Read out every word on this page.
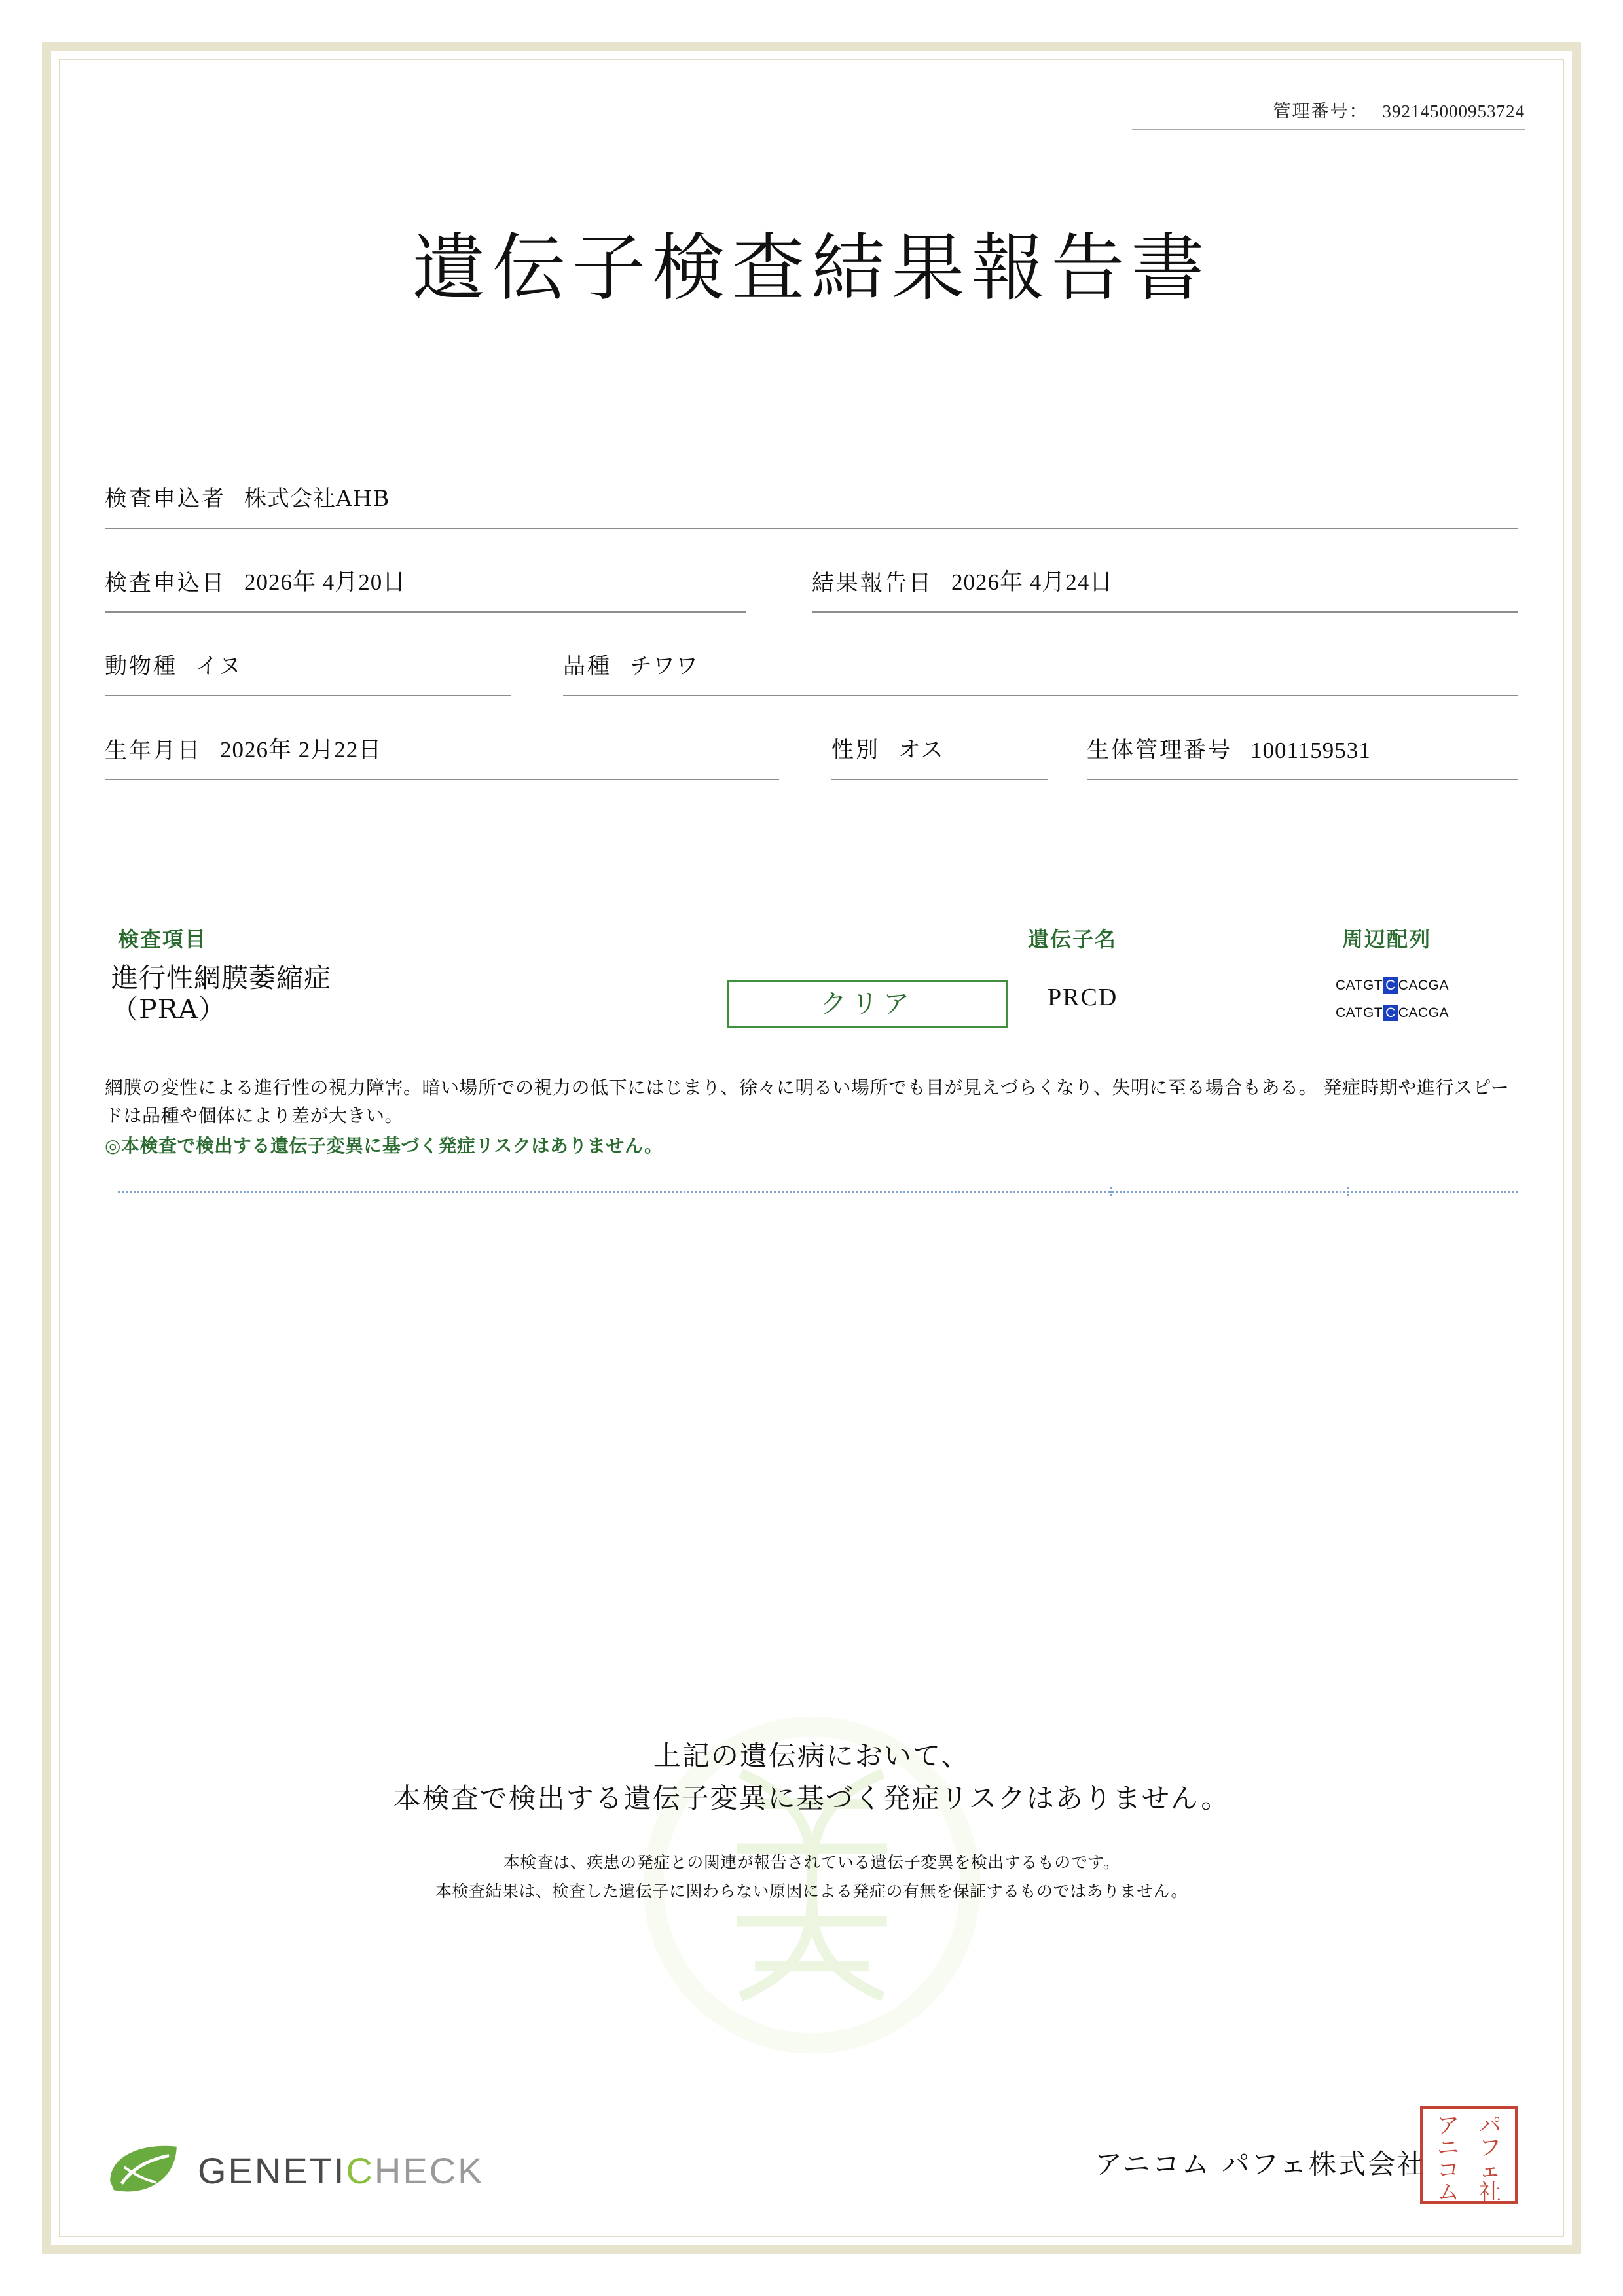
管理番号： 392145000953724
遺伝子検査結果報告書
検査申込者 株式会社AHB
検査申込日 2026年 4月20日	結果報告日 2026年 4月24日
動物種 イヌ	品種 チワワ
生年月日 2026年 2月22日	性別 オス	生体管理番号 1001159531
検査項目	遺伝子名	周辺配列
進行性網膜萎縮症
（PRA）	クリア	PRCD	CATGT C CACGA
CATGT C CACGA
網膜の変性による進行性の視力障害。暗い場所での視力の低下にはじまり、徐々に明るい場所でも目が見えづらくなり、失明に至る場合もある。 発症時期や進行スピードは品種や個体により差が大きい。
◎本検査で検出する遺伝子変異に基づく発症リスクはありません。
上記の遺伝病において、
本検査で検出する遺伝子変異に基づく発症リスクはありません。
本検査は、疾患の発症との関連が報告されている遺伝子変異を検出するものです。
本検査結果は、検査した遺伝子に関わらない原因による発症の有無を保証するものではありません。
GENETICHECK	アニコム パフェ株式会社
アニ
パフ
コム
ェ社
